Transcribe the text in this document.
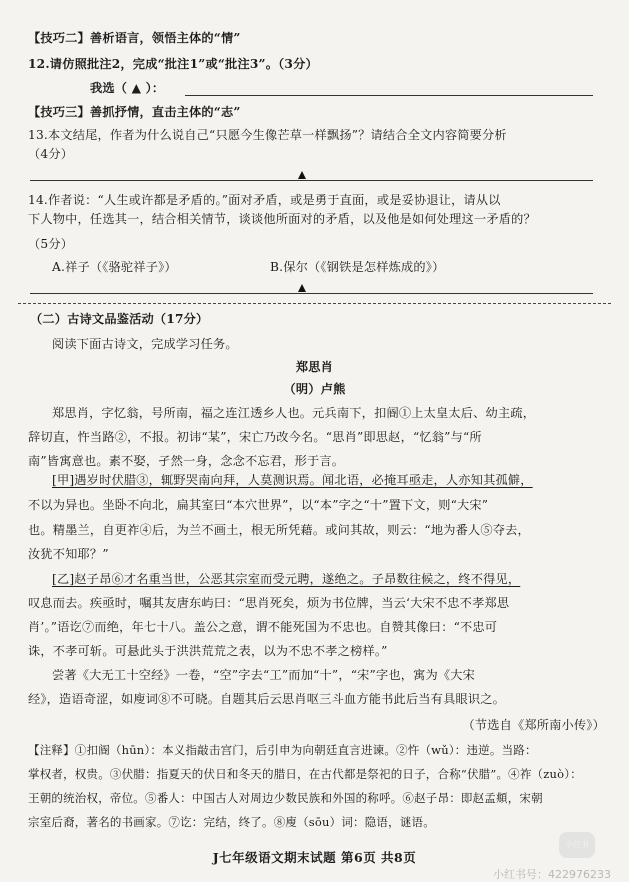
【技巧二】善析语言，领悟主体的“情”
12.请仿照批注2，完成“批注1”或“批注3”。（3分）
我选（ ▲ ）：
【技巧三】善抓抒情，直击主体的“志”
13.本文结尾，作者为什么说自己“只愿今生像芒草一样飘扬”？请结合全文内容简要分析
（4分）
14.作者说：“人生或许都是矛盾的。”面对矛盾，或是勇于直面，或是妥协退让，请从以
下人物中，任选其一，结合相关情节，谈谈他所面对的矛盾，以及他是如何处理这一矛盾的？
（5分）
A.祥子（《骆驼祥子》）	B.保尔（《钢铁是怎样炼成的》）
（二）古诗文品鉴活动（17分）
阅读下面古诗文，完成学习任务。
郑思肖
（明）卢熊
郑思肖，字忆翁，号所南，福之连江透乡人也。元兵南下，扣阍①上太皇太后、幼主疏，
辞切直，忤当路②，不报。初讳“某”，宋亡乃改今名。“思肖”即思赵，“忆翁”与“所
南”皆寓意也。素不娶，孑然一身，念念不忘君，形于言。
[甲]遇岁时伏腊③，辄野哭南向拜，人莫测识焉。闻北语，必掩耳亟走，人亦知其孤僻，
不以为异也。坐卧不向北，扁其室曰“本穴世界”，以“本”字之“十”置下文，则“大宋”
也。精墨兰，自更祚④后，为兰不画土，根无所凭藉。或问其故，则云：“地为番人⑤夺去，
汝犹不知耶？”
[乙]赵子昂⑥才名重当世，公恶其宗室而受元聘，遂绝之。子昂数往候之，终不得见，
叹息而去。疾亟时，嘱其友唐东屿曰：“思肖死矣，烦为书位牌，当云‘大宋不忠不孝郑思
肖’。”语讫⑦而绝，年七十八。盖公之意，谓不能死国为不忠也。自赞其像曰：“不忠可
诛，不孝可斩。可悬此头于洪洪荒荒之表，以为不忠不孝之榜样。”
尝著《大无工十空经》一卷，“空”字去“工”而加“十”，“宋”字也，寓为《大宋
经》，造语奇涩，如廋词⑧不可晓。自题其后云思肖呕三斗血方能书此后当有具眼识之。
（节选自《郑所南小传》）
【注释】①扣阍（hūn）：本义指敲击宫门，后引申为向朝廷直言进谏。②忤（wǔ）：违逆。当路：
掌权者，权贵。③伏腊：指夏天的伏日和冬天的腊日，在古代都是祭祀的日子，合称“伏腊”。④祚（zuò）：
王朝的统治权，帝位。⑤番人：中国古人对周边少数民族和外国的称呼。⑥赵子昂：即赵孟頫，宋朝
宗室后裔，著名的书画家。⑦讫：完结，终了。⑧廋（sōu）词：隐语，谜语。
J七年级语文期末试题 第6页 共8页
小红书
小红书号：422976233
